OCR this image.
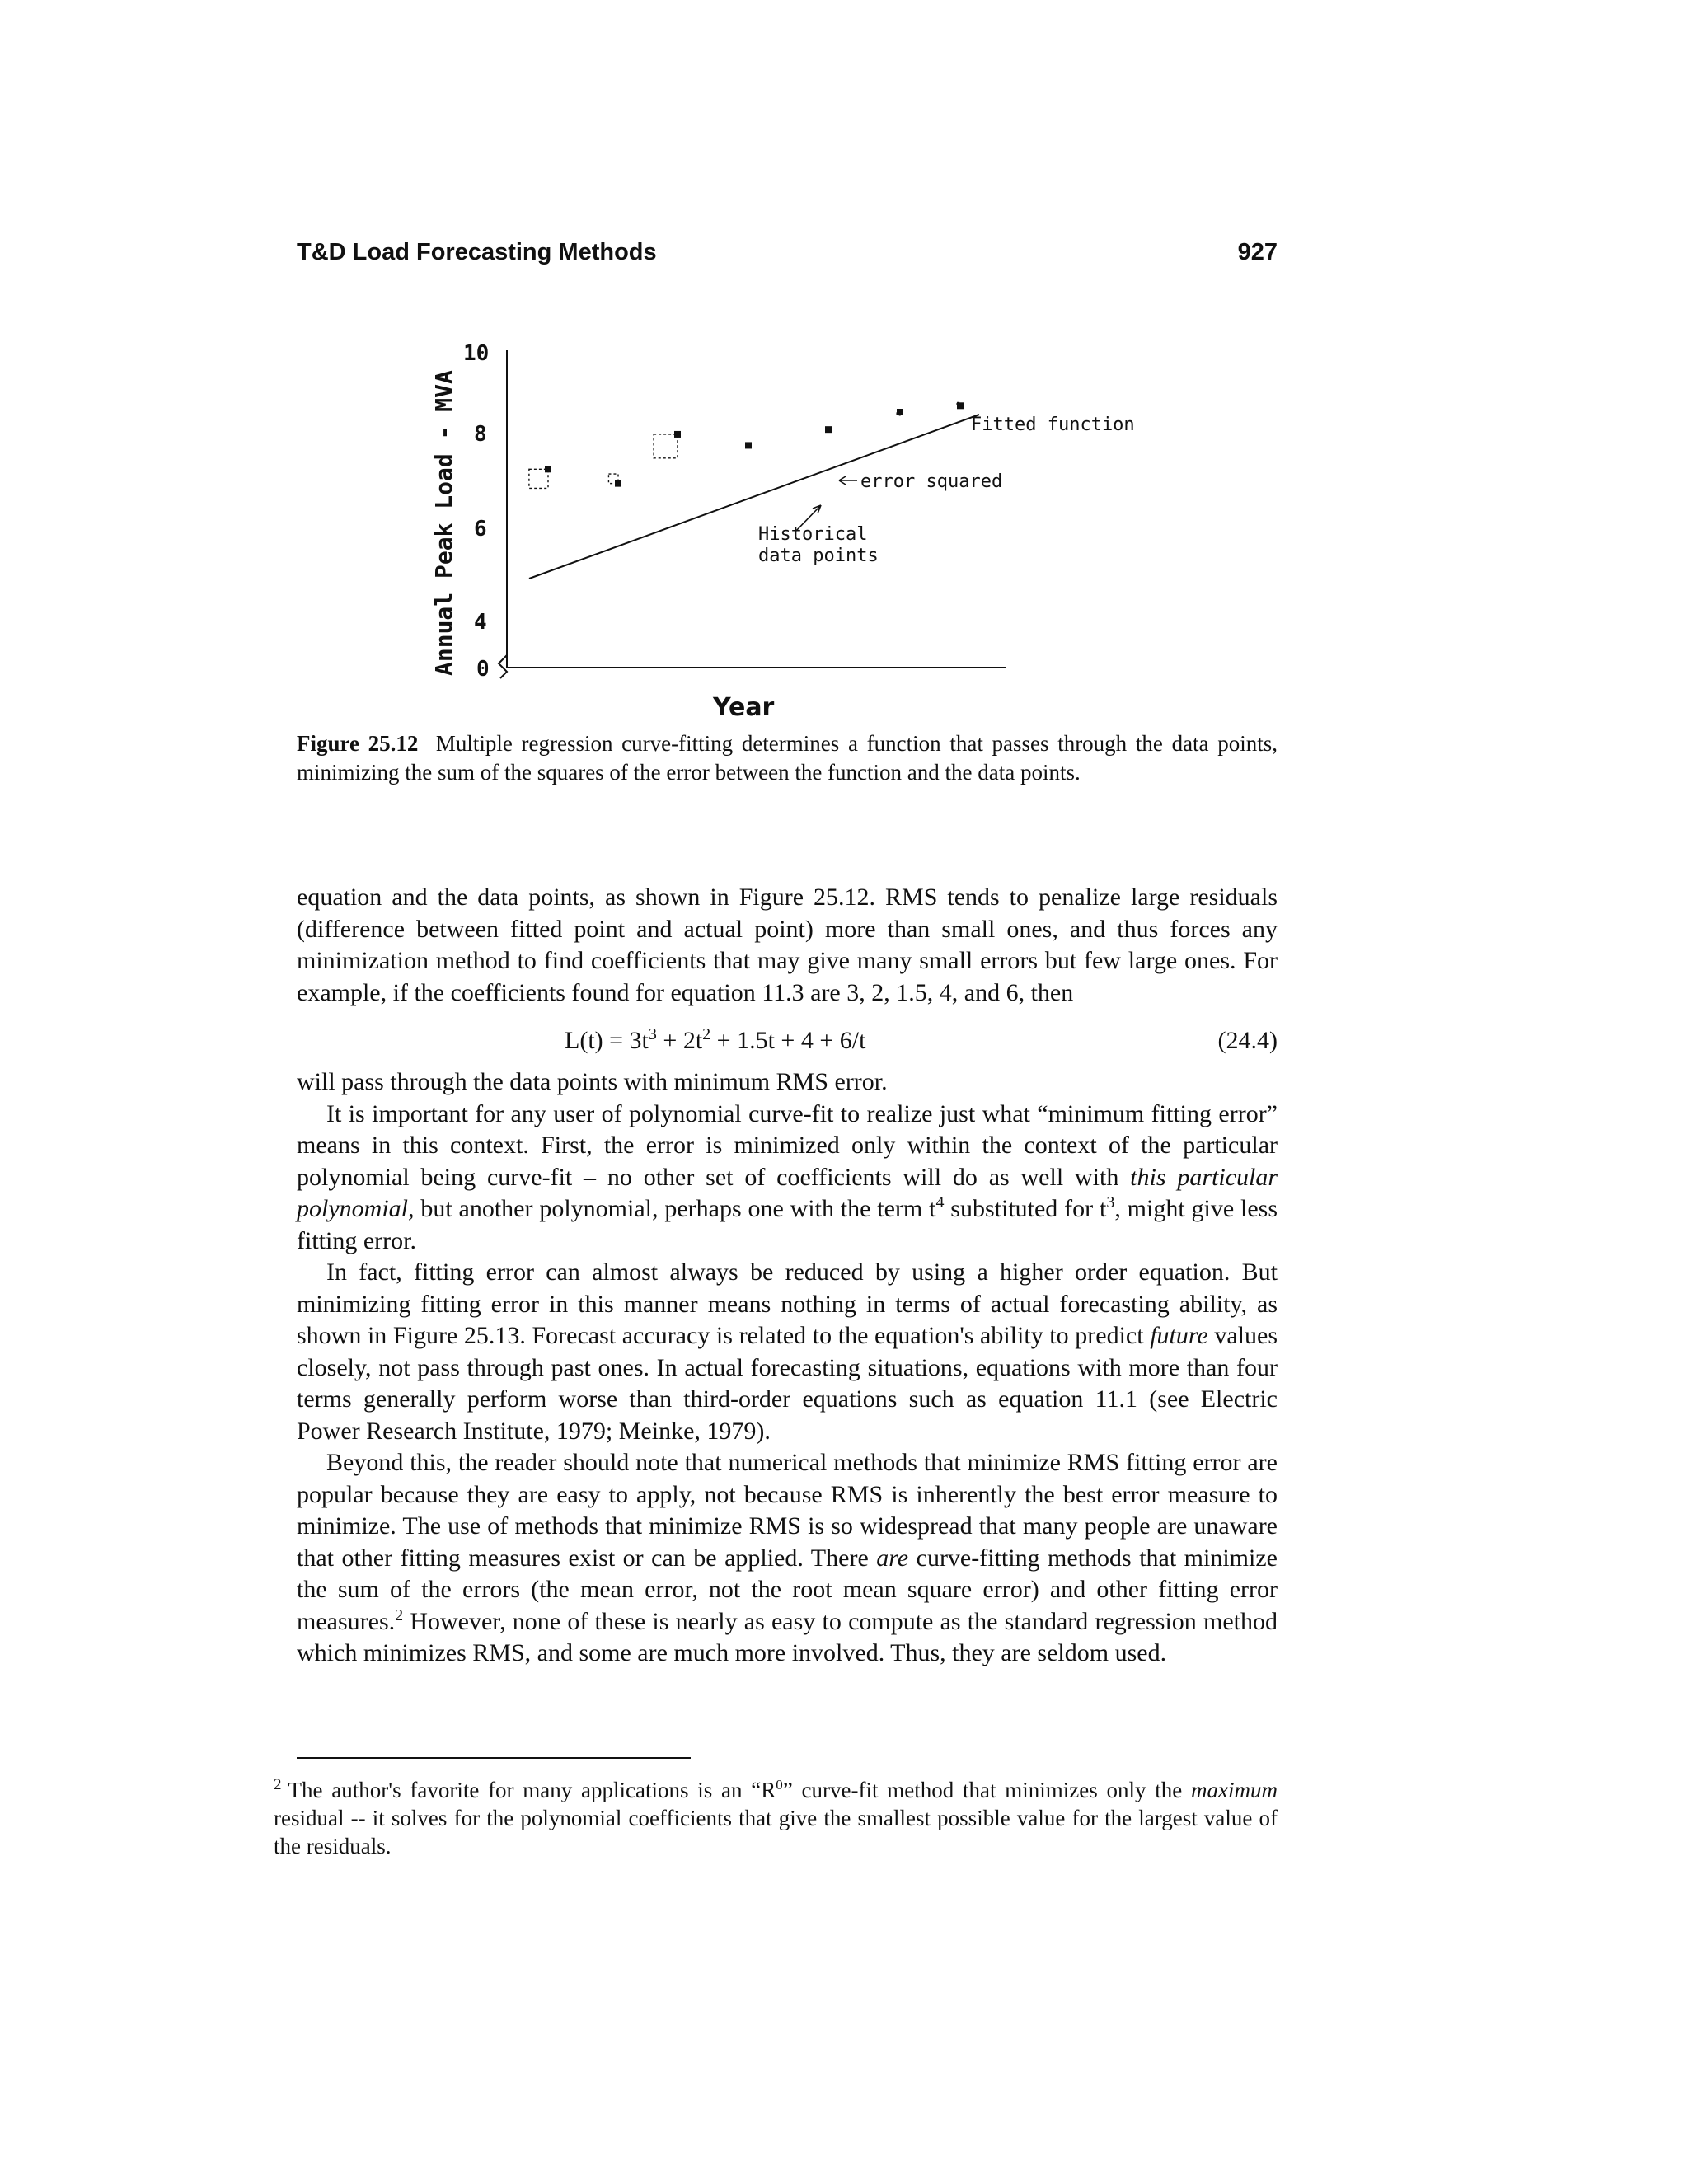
T&D Load Forecasting Methods	927
Annual Peak Load - MVA
10
8
6
4
0
Fitted function
error squared
Historical
data points
Year
Figure 25.12 Multiple regression curve-fitting determines a function that passes through the data points, minimizing the sum of the squares of the error between the function and the data points.

equation and the data points, as shown in Figure 25.12. RMS tends to penalize large residuals (difference between fitted point and actual point) more than small ones, and thus forces any minimization method to find coefficients that may give many small errors but few large ones. For example, if the coefficients found for equation 11.3 are 3, 2, 1.5, 4, and 6, then

$L(t) = 3t^3 + 2t^2 + 1.5t + 4 + 6/t$	(24.4)

will pass through the data points with minimum RMS error.

It is important for any user of polynomial curve-fit to realize just what “minimum fitting error” means in this context. First, the error is minimized only within the context of the particular polynomial being curve-fit – no other set of coefficients will do as well with this particular polynomial, but another polynomial, perhaps one with the term $t^4$ substituted for $t^3$, might give less fitting error.

In fact, fitting error can almost always be reduced by using a higher order equation. But minimizing fitting error in this manner means nothing in terms of actual forecasting ability, as shown in Figure 25.13. Forecast accuracy is related to the equation's ability to predict future values closely, not pass through past ones. In actual forecasting situations, equations with more than four terms generally perform worse than third-order equations such as equation 11.1 (see Electric Power Research Institute, 1979; Meinke, 1979).

Beyond this, the reader should note that numerical methods that minimize RMS fitting error are popular because they are easy to apply, not because RMS is inherently the best error measure to minimize. The use of methods that minimize RMS is so widespread that many people are unaware that other fitting measures exist or can be applied. There are curve-fitting methods that minimize the sum of the errors (the mean error, not the root mean square error) and other fitting error measures.$^2$ However, none of these is nearly as easy to compute as the standard regression method which minimizes RMS, and some are much more involved. Thus, they are seldom used.

$^2$ The author's favorite for many applications is an “$R^0$” curve-fit method that minimizes only the maximum residual -- it solves for the polynomial coefficients that give the smallest possible value for the largest value of the residuals.
